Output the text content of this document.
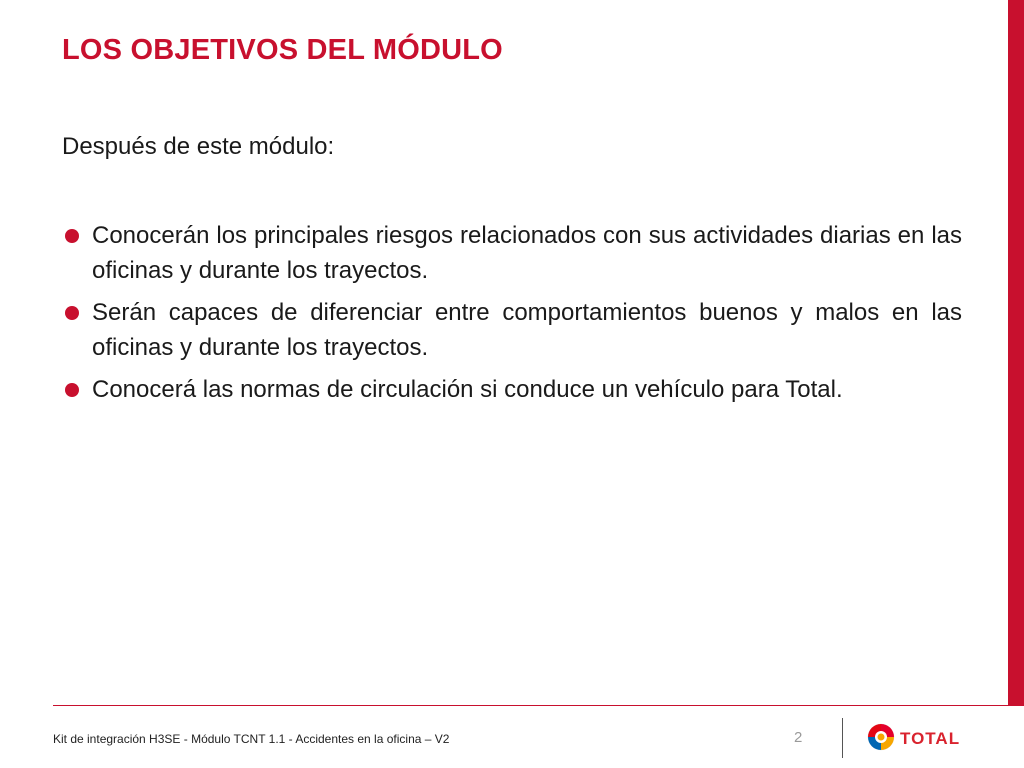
LOS OBJETIVOS DEL MÓDULO
Después de este módulo:
Conocerán los principales riesgos relacionados con sus actividades diarias en las oficinas y durante los trayectos.
Serán capaces de diferenciar entre comportamientos buenos y malos en las oficinas y durante los trayectos.
Conocerá las normas de circulación si conduce un vehículo para Total.
Kit de integración H3SE - Módulo TCNT 1.1 - Accidentes en la oficina – V2	2	TOTAL
